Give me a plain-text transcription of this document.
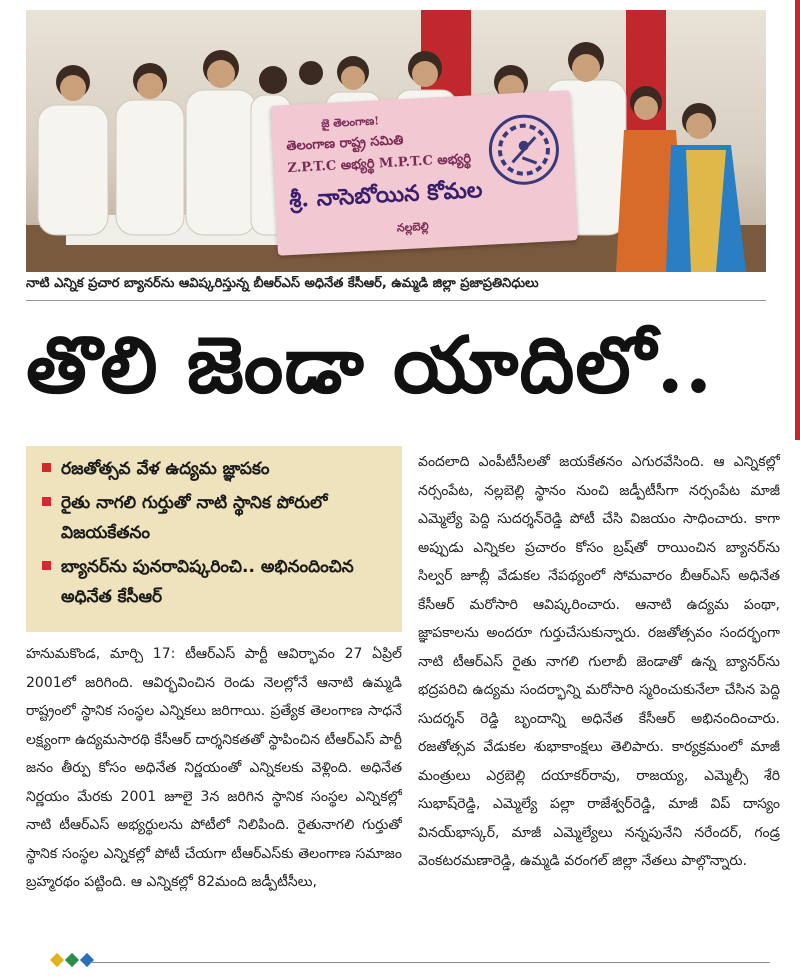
జై తెలంగాణ!
తెలంగాణ రాష్ట్ర సమితి
Z.P.T.C అభ్యర్థి M.P.T.C అభ్యర్థి
శ్రీ. నాసెబోయిన కోమల
నల్లబెల్లి
నాటి ఎన్నిక ప్రచార బ్యానర్‌ను ఆవిష్కరిస్తున్న బీఆర్ఎస్ అధినేత కేసీఆర్, ఉమ్మడి జిల్లా ప్రజాప్రతినిధులు
తొలి జెండా యాదిలో..
రజతోత్సవ వేళ ఉద్యమ జ్ఞాపకం
రైతు నాగలి గుర్తుతో నాటి స్థానిక పోరులో విజయకేతనం
బ్యానర్‌ను పునరావిష్కరించి.. అభినందించిన అధినేత కేసీఆర్

హనుమకొండ, మార్చి 17: టీఆర్ఎస్ పార్టీ ఆవిర్భావం 27 ఏప్రిల్ 2001లో జరిగింది. ఆవిర్భవించిన రెండు నెలల్లోనే ఆనాటి ఉమ్మడి రాష్ట్రంలో స్థానిక సంస్థల ఎన్నికలు జరిగాయి. ప్రత్యేక తెలంగాణ సాధనే లక్ష్యంగా ఉద్యమసారథి కేసీఆర్ దార్శనికతతో స్థాపించిన టీఆర్ఎస్ పార్టీ జనం తీర్పు కోసం అధినేత నిర్ణయంతో ఎన్నికలకు వెళ్లింది. అధినేత నిర్ణయం మేరకు 2001 జూలై 3న జరిగిన స్థానిక సంస్థల ఎన్నికల్లో నాటి టీఆర్ఎస్ అభ్యర్థులను పోటీలో నిలిపింది. రైతునాగలి గుర్తుతో స్థానిక సంస్థల ఎన్నికల్లో పోటీ చేయగా టీఆర్ఎస్‌కు తెలంగాణ సమాజం బ్రహ్మరథం పట్టింది. ఆ ఎన్నికల్లో 82మంది జడ్పీటీసీలు,

వందలాది ఎంపీటీసీలతో జయకేతనం ఎగురవేసింది. ఆ ఎన్నికల్లో నర్సంపేట, నల్లబెల్లి స్థానం నుంచి జడ్పీటీసీగా నర్సంపేట మాజీ ఎమ్మెల్యే పెద్ది సుదర్శన్‌రెడ్డి పోటీ చేసి విజయం సాధించారు. కాగా అప్పుడు ఎన్నికల ప్రచారం కోసం బ్రష్‌తో రాయించిన బ్యానర్‌ను సిల్వర్ జూబ్లీ వేడుకల నేపథ్యంలో సోమవారం బీఆర్ఎస్ అధినేత కేసీఆర్ మరోసారి ఆవిష్కరించారు. ఆనాటి ఉద్యమ పంథా, జ్ఞాపకాలను అందరూ గుర్తుచేసుకున్నారు. రజతోత్సవం సందర్భంగా నాటి టీఆర్ఎస్ రైతు నాగలి గులాబీ జెండాతో ఉన్న బ్యానర్‌ను భద్రపరిచి ఉద్యమ సందర్భాన్ని మరోసారి స్మరించుకునేలా చేసిన పెద్ది సుదర్శన్ రెడ్డి బృందాన్ని అధినేత కేసీఆర్ అభినందించారు. రజతోత్సవ వేడుకల శుభాకాంక్షలు తెలిపారు. కార్యక్రమంలో మాజీ మంత్రులు ఎర్రబెల్లి దయాకర్‌రావు, రాజయ్య, ఎమ్మెల్సీ శేరి సుభాష్‌రెడ్డి, ఎమ్మెల్యే పల్లా రాజేశ్వర్‌రెడ్డి, మాజీ విప్ దాస్యం వినయ్‌భాస్కర్, మాజీ ఎమ్మెల్యేలు నన్నపునేని నరేందర్, గండ్ర వెంకటరమణారెడ్డి, ఉమ్మడి వరంగల్ జిల్లా నేతలు పాల్గొన్నారు.
